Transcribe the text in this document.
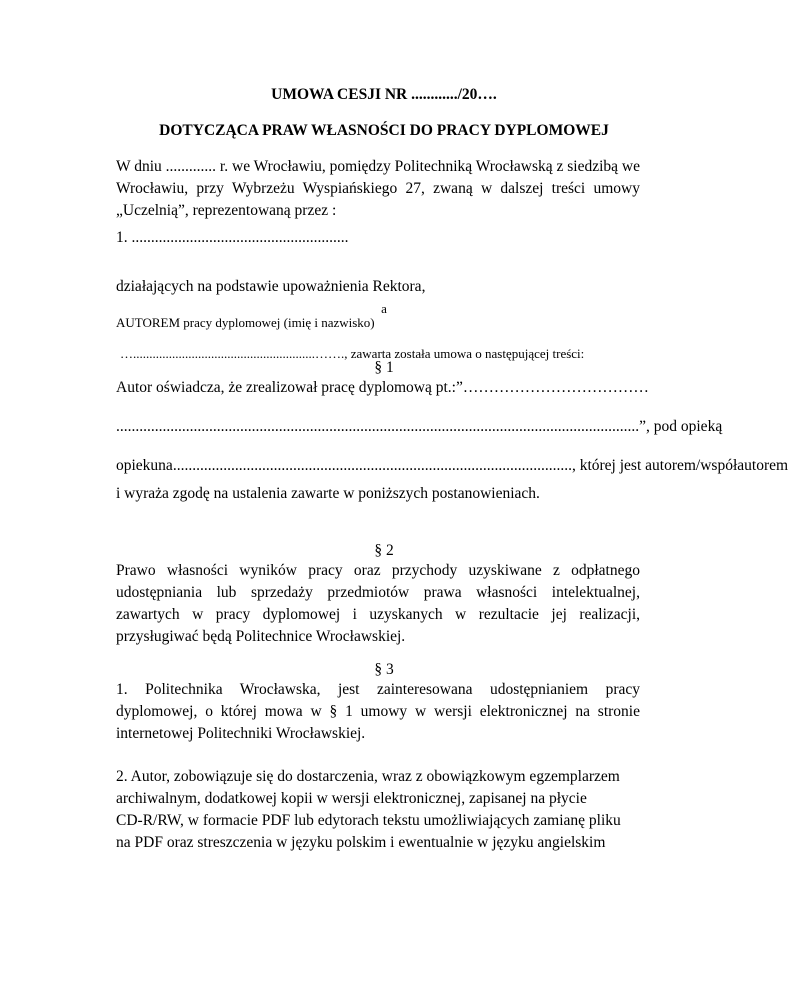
UMOWA CESJI NR ............/20….
DOTYCZĄCA PRAW WŁASNOŚCI DO PRACY DYPLOMOWEJ
W dniu ............. r. we Wrocławiu, pomiędzy Politechniką Wrocławską z siedzibą we Wrocławiu, przy Wybrzeżu Wyspiańskiego 27, zwaną w dalszej treści umowy „Uczelnią”, reprezentowaną przez :
1. ........................................................
działających na podstawie upoważnienia Rektora,
a
AUTOREM pracy dyplomowej (imię i nazwisko)
…........................................................……., zawarta została umowa o następującej treści:
§ 1
Autor oświadcza, że zrealizował pracę dyplomową pt.:”………………………………
....................................................................................................................................... ”, pod opieką
opiekuna ....................................................................................................... , której jest autorem/współautorem
i wyraża zgodę na ustalenia zawarte w poniższych postanowieniach.
§ 2
Prawo własności wyników pracy oraz przychody uzyskiwane z odpłatnego udostępniania lub sprzedaży przedmiotów prawa własności intelektualnej, zawartych w pracy dyplomowej i uzyskanych w rezultacie jej realizacji, przysługiwać będą Politechnice Wrocławskiej.
§ 3
1. Politechnika Wrocławska, jest zainteresowana udostępnianiem pracy dyplomowej, o której mowa w § 1 umowy w wersji elektronicznej na stronie internetowej Politechniki Wrocławskiej.
2. Autor, zobowiązuje się do dostarczenia, wraz z obowiązkowym egzemplarzem
archiwalnym, dodatkowej kopii w wersji elektronicznej, zapisanej na płycie
CD-R/RW, w formacie PDF lub edytorach tekstu umożliwiających zamianę pliku
na PDF oraz streszczenia w języku polskim i ewentualnie w języku angielskim
